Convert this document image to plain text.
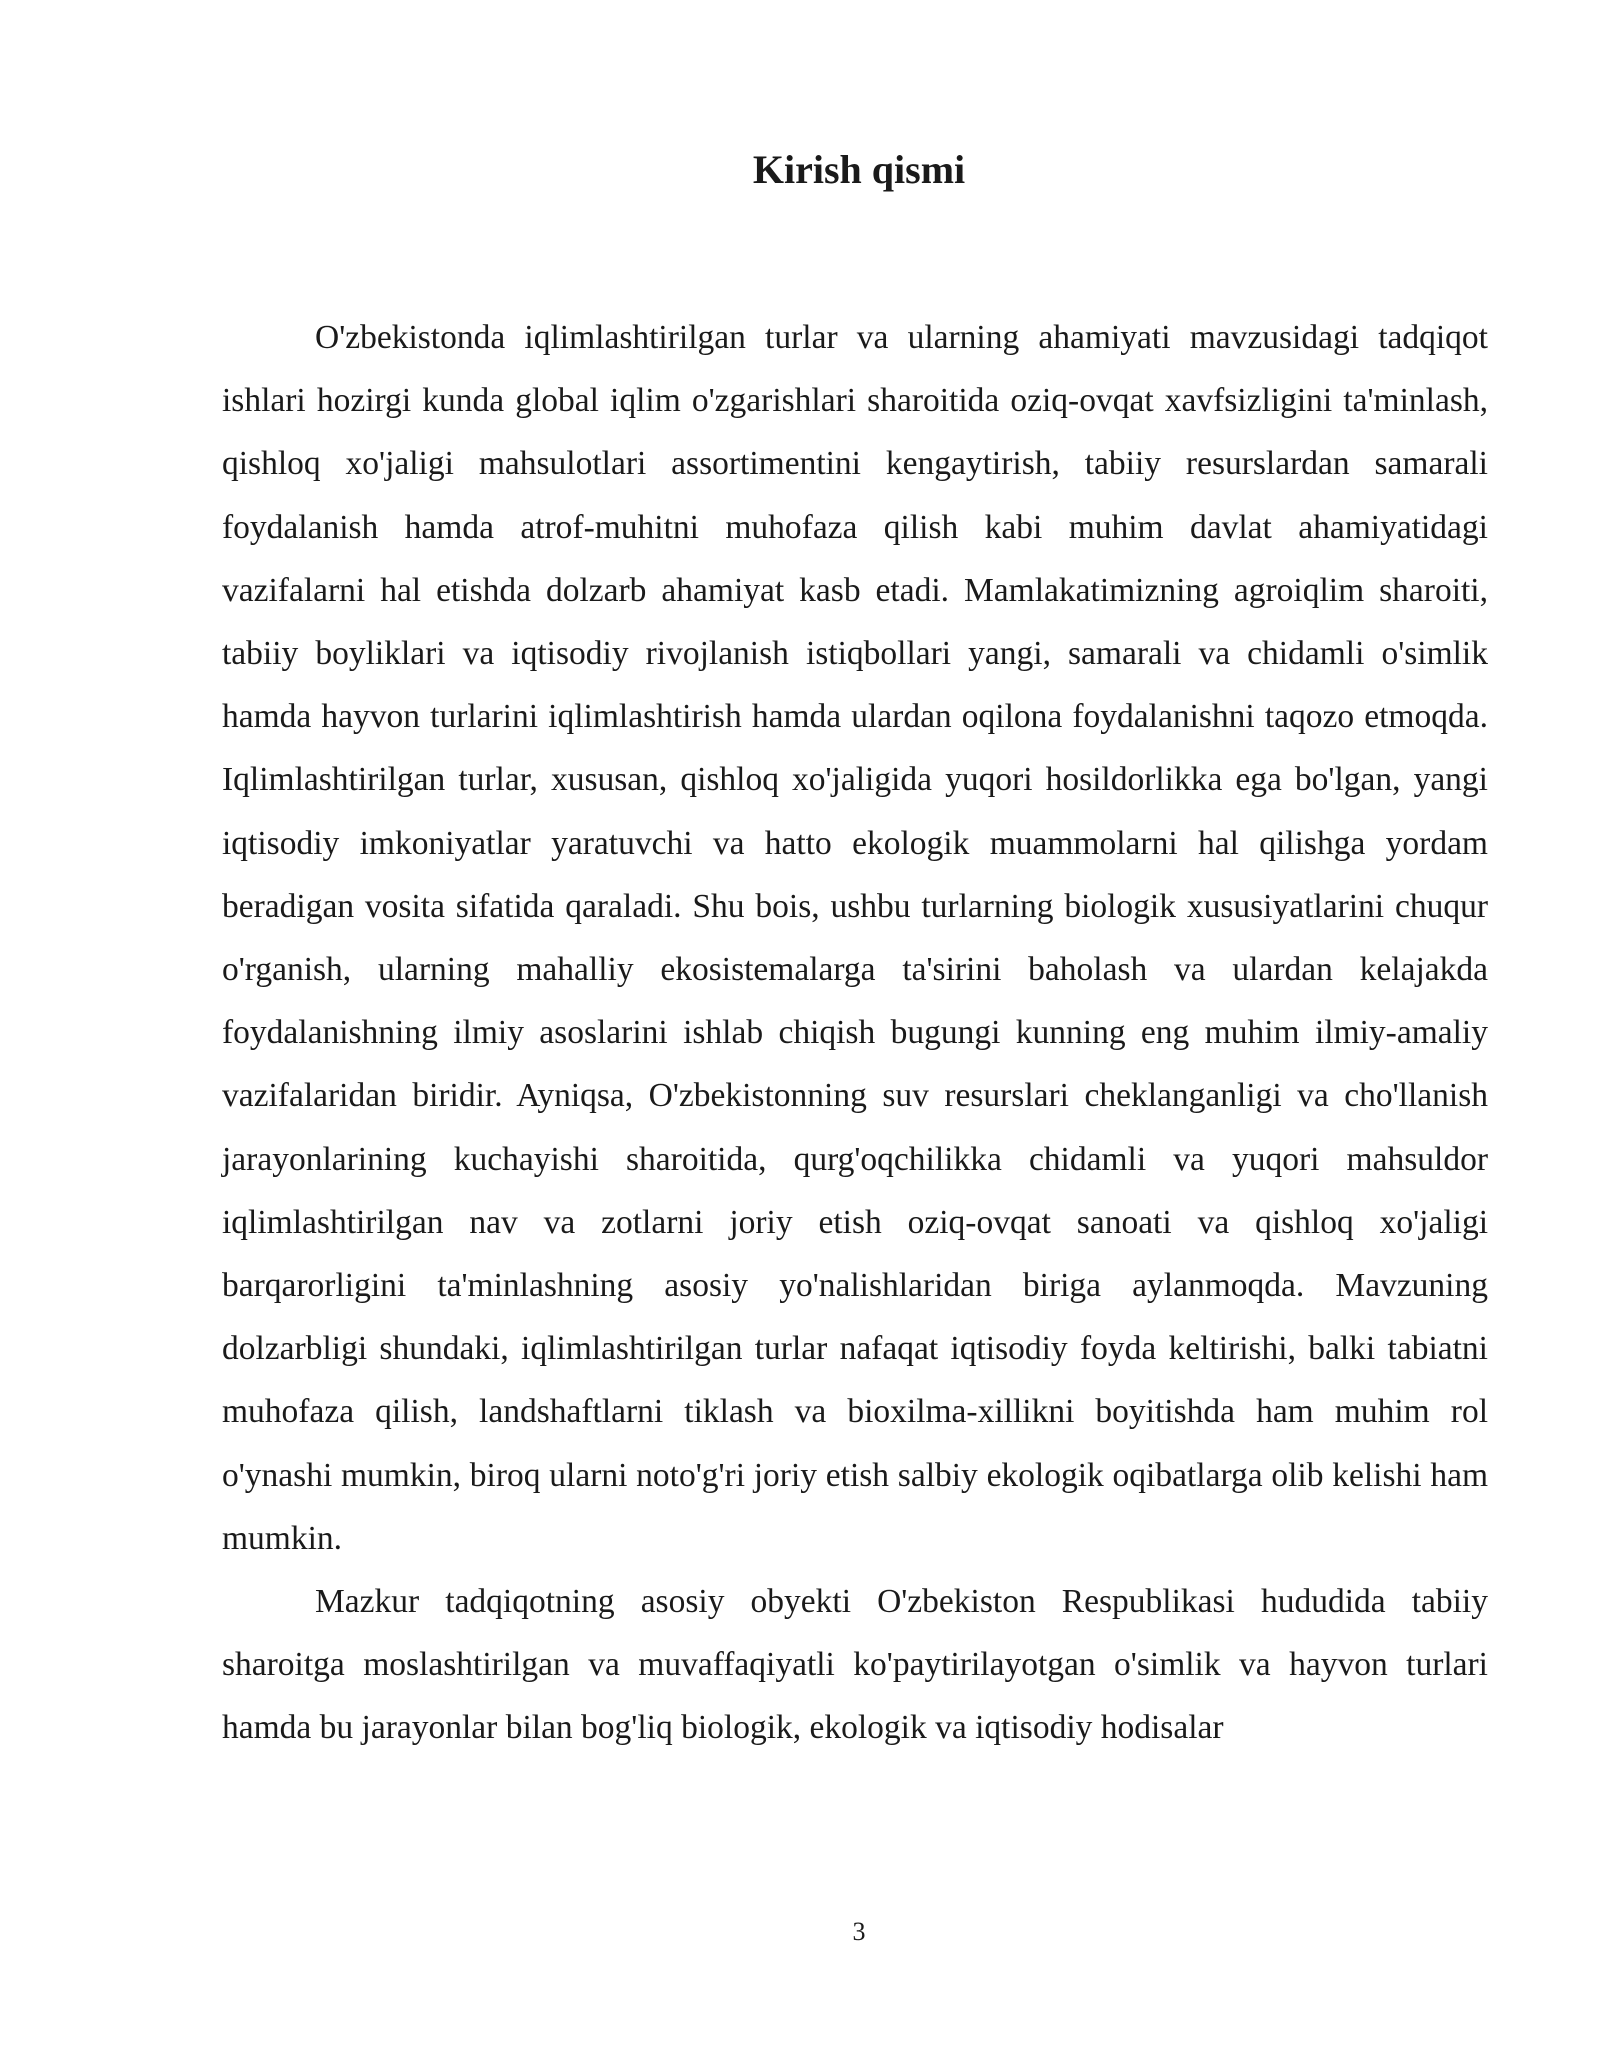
Kirish qismi

O'zbekistonda iqlimlashtirilgan turlar va ularning ahamiyati mavzusidagi tadqiqot ishlari hozirgi kunda global iqlim o'zgarishlari sharoitida oziq-ovqat xavfsizligini ta'minlash, qishloq xo'jaligi mahsulotlari assortimentini kengaytirish, tabiiy resurslardan samarali foydalanish hamda atrof-muhitni muhofaza qilish kabi muhim davlat ahamiyatidagi vazifalarni hal etishda dolzarb ahamiyat kasb etadi. Mamlakatimizning agroiqlim sharoiti, tabiiy boyliklari va iqtisodiy rivojlanish istiqbollari yangi, samarali va chidamli o'simlik hamda hayvon turlarini iqlimlashtirish hamda ulardan oqilona foydalanishni taqozo etmoqda. Iqlimlashtirilgan turlar, xususan, qishloq xo'jaligida yuqori hosildorlikka ega bo'lgan, yangi iqtisodiy imkoniyatlar yaratuvchi va hatto ekologik muammolarni hal qilishga yordam beradigan vosita sifatida qaraladi. Shu bois, ushbu turlarning biologik xususiyatlarini chuqur o'rganish, ularning mahalliy ekosistemalarga ta'sirini baholash va ulardan kelajakda foydalanishning ilmiy asoslarini ishlab chiqish bugungi kunning eng muhim ilmiy-amaliy vazifalaridan biridir. Ayniqsa, O'zbekistonning suv resurslari cheklanganligi va cho'llanish jarayonlarining kuchayishi sharoitida, qurg'oqchilikka chidamli va yuqori mahsuldor iqlimlashtirilgan nav va zotlarni joriy etish oziq-ovqat sanoati va qishloq xo'jaligi barqarorligini ta'minlashning asosiy yo'nalishlaridan biriga aylanmoqda. Mavzuning dolzarbligi shundaki, iqlimlashtirilgan turlar nafaqat iqtisodiy foyda keltirishi, balki tabiatni muhofaza qilish, landshaftlarni tiklash va bioxilma-xillikni boyitishda ham muhim rol o'ynashi mumkin, biroq ularni noto'g'ri joriy etish salbiy ekologik oqibatlarga olib kelishi ham mumkin.

Mazkur tadqiqotning asosiy obyekti O'zbekiston Respublikasi hududida tabiiy sharoitga moslashtirilgan va muvaffaqiyatli ko'paytirilayotgan o'simlik va hayvon turlari hamda bu jarayonlar bilan bog'liq biologik, ekologik va iqtisodiy hodisalar

3
